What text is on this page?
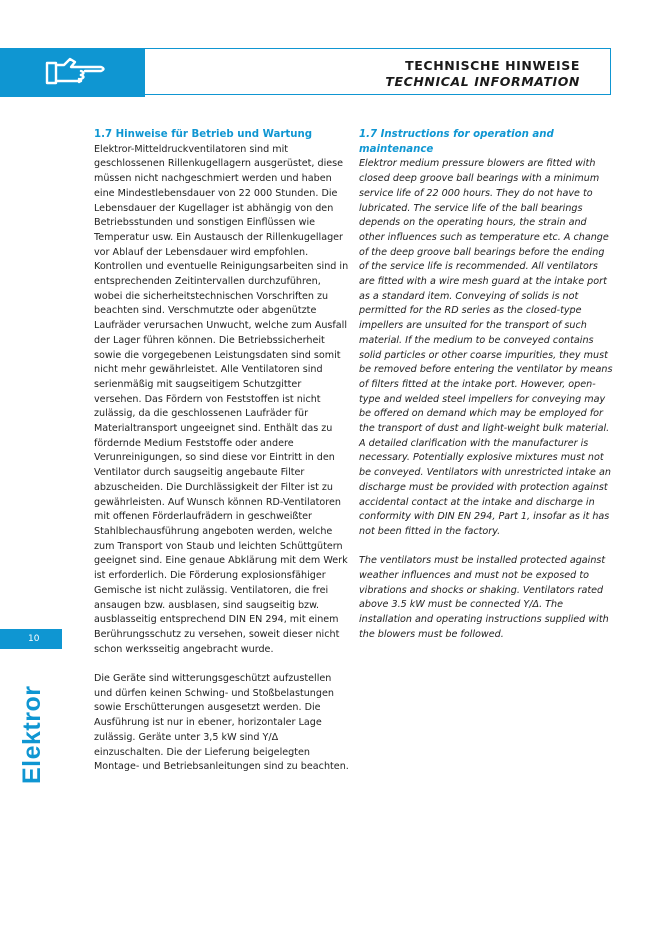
TECHNISCHE HINWEISE
TECHNICAL INFORMATION
1.7 Hinweise für Betrieb und Wartung

Elektror-Mitteldruckventilatoren sind mit geschlossenen Rillenkugellagern ausgerüstet, diese müssen nicht nachgeschmiert werden und haben eine Mindestlebensdauer von 22 000 Stunden. Die Lebensdauer der Kugellager ist abhängig von den Betriebsstunden und sonstigen Einflüssen wie Temperatur usw. Ein Austausch der Rillenkugellager vor Ablauf der Lebensdauer wird empfohlen. Kontrollen und eventuelle Reinigungsarbeiten sind in entsprechenden Zeitintervallen durchzuführen, wobei die sicherheitstechnischen Vorschriften zu beachten sind. Verschmutzte oder abgenützte Laufräder verursachen Unwucht, welche zum Ausfall der Lager führen können. Die Betriebssicherheit sowie die vorgegebenen Leistungsdaten sind somit nicht mehr gewährleistet. Alle Ventilatoren sind serienmäßig mit saugseitigem Schutzgitter versehen. Das Fördern von Feststoffen ist nicht zulässig, da die geschlossenen Laufräder für Materialtransport ungeeignet sind. Enthält das zu fördernde Medium Feststoffe oder andere Verunreinigungen, so sind diese vor Eintritt in den Ventilator durch saugseitig angebaute Filter abzuscheiden. Die Durchlässigkeit der Filter ist zu gewährleisten. Auf Wunsch können RD-Ventilatoren mit offenen Förderlaufrädern in geschweißter Stahlblechausführung angeboten werden, welche zum Transport von Staub und leichten Schüttgütern geeignet sind. Eine genaue Abklärung mit dem Werk ist erforderlich. Die Förderung explosionsfähiger Gemische ist nicht zulässig. Ventilatoren, die frei ansaugen bzw. ausblasen, sind saugseitig bzw. ausblasseitig entsprechend DIN EN 294, mit einem Berührungsschutz zu versehen, soweit dieser nicht schon werksseitig angebracht wurde.

Die Geräte sind witterungsgeschützt aufzustellen und dürfen keinen Schwing- und Stoßbelastungen sowie Erschütterungen ausgesetzt werden. Die Ausführung ist nur in ebener, horizontaler Lage zulässig. Geräte unter 3,5 kW sind Y/Δ einzuschalten. Die der Lieferung beigelegten Montage- und Betriebsanleitungen sind zu beachten.

1.7 Instructions for operation and maintenance

Elektror medium pressure blowers are fitted with closed deep groove ball bearings with a minimum service life of 22 000 hours. They do not have to lubricated. The service life of the ball bearings depends on the operating hours, the strain and other influences such as temperature etc. A change of the deep groove ball bearings before the ending of the service life is recommended. All ventilators are fitted with a wire mesh guard at the intake port as a standard item. Conveying of solids is not permitted for the RD series as the closed-type impellers are unsuited for the transport of such material. If the medium to be conveyed contains solid particles or other coarse impurities, they must be removed before entering the ventilator by means of filters fitted at the intake port. However, open-type and welded steel impellers for conveying may be offered on demand which may be employed for the transport of dust and light-weight bulk material. A detailed clarification with the manufacturer is necessary. Potentially explosive mixtures must not be conveyed. Ventilators with unrestricted intake an discharge must be provided with protection against accidental contact at the intake and discharge in conformity with DIN EN 294, Part 1, insofar as it has not been fitted in the factory.

The ventilators must be installed protected against weather influences and must not be exposed to vibrations and shocks or shaking. Ventilators rated above 3.5 kW must be connected Y/Δ. The installation and operating instructions supplied with the blowers must be followed.

10
Elektror
